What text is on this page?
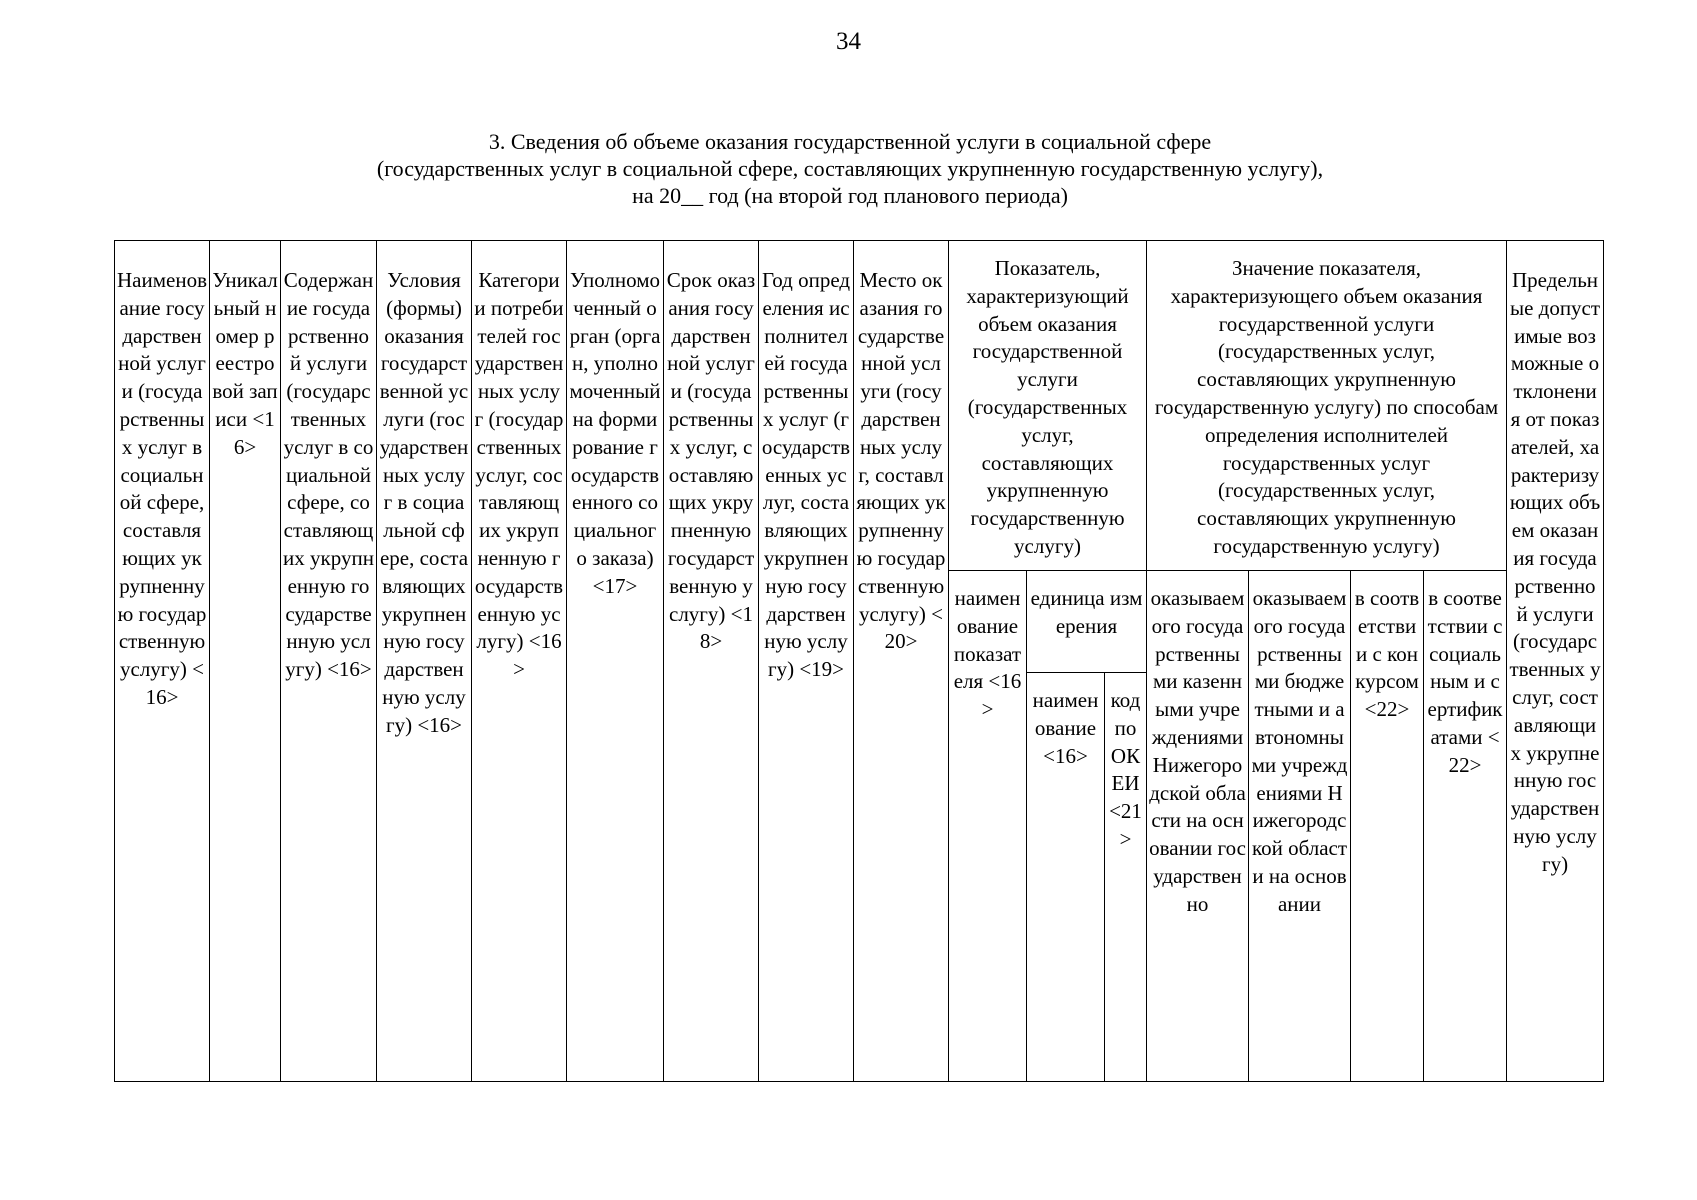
34
3. Сведения об объеме оказания государственной услуги в социальной сфере
(государственных услуг в социальной сфере, составляющих укрупненную государственную услугу),
на 20__ год (на второй год планового периода)
Наименование государственной услуги (государственных услуг в социальной сфере, составляющих укрупненную государственную услугу) <16>	Уникальный номер реестровой записи <16>	Содержание государственной услуги (государственных услуг в социальной сфере, составляющих укрупненную государственную услугу) <16>	Условия (формы) оказания государственной услуги (государственных услуг в социальной сфере, составляющих укрупненную государственную услугу) <16>	Категории потребителей государственных услуг (государственных услуг, составляющих укрупненную государственную услугу) <16>	Уполномоченный орган (орган, уполномоченный на формирование государственного социального заказа) <17>	Срок оказания государственной услуги (государственных услуг, составляющих укрупненную государственную услугу) <18>	Год определения исполнителей государственных услуг (государственных услуг, составляющих укрупненную государственную услугу) <19>	Место оказания государственной услуги (государственных услуг, составляющих укрупненную государственную услугу) <20>	Показатель, характеризующий объем оказания государственной услуги (государственных услуг, составляющих укрупненную государственную услугу)			Значение показателя, характеризующего объем оказания государственной услуги (государственных услуг, составляющих укрупненную государственную услугу) по способам определения исполнителей государственных услуг (государственных услуг, составляющих укрупненную государственную услугу)				Предельные допустимые возможные отклонения от показателей, характеризующих объем оказания государственной услуги (государственных услуг, составляющих укрупненную государственную услугу)

									наименование показателя <16>	единица измерения		оказываемого государственными казенными учреждениями Нижегородской области на основании государственно	оказываемого государственными бюджетными и автономными учреждениями Нижегородской области на основании	в соответствии с конкурсом <22>	в соответствии с социальным и сертификатами <22>	

										наименование <16>	код по ОКЕИ <21>					
